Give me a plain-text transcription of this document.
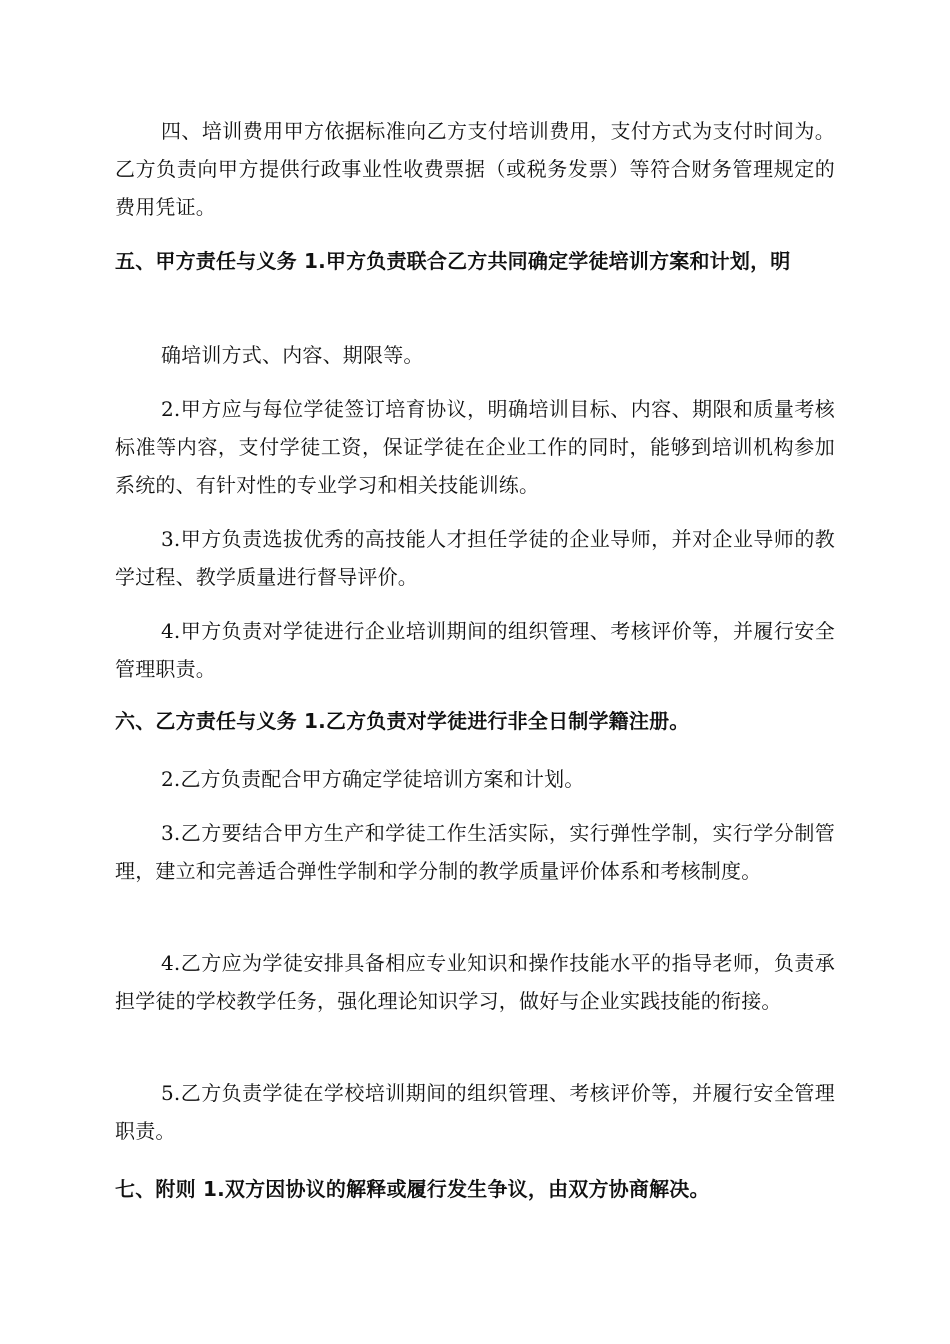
四、培训费用甲方依据标准向乙方支付培训费用，支付方式为支付时间为。乙方负责向甲方提供行政事业性收费票据（或税务发票）等符合财务管理规定的费用凭证。

五、甲方责任与义务 1.甲方负责联合乙方共同确定学徒培训方案和计划，明

确培训方式、内容、期限等。

2.甲方应与每位学徒签订培育协议，明确培训目标、内容、期限和质量考核标准等内容，支付学徒工资，保证学徒在企业工作的同时，能够到培训机构参加系统的、有针对性的专业学习和相关技能训练。

3.甲方负责选拔优秀的高技能人才担任学徒的企业导师，并对企业导师的教学过程、教学质量进行督导评价。

4.甲方负责对学徒进行企业培训期间的组织管理、考核评价等，并履行安全管理职责。

六、乙方责任与义务 1.乙方负责对学徒进行非全日制学籍注册。

2.乙方负责配合甲方确定学徒培训方案和计划。

3.乙方要结合甲方生产和学徒工作生活实际，实行弹性学制，实行学分制管理，建立和完善适合弹性学制和学分制的教学质量评价体系和考核制度。

4.乙方应为学徒安排具备相应专业知识和操作技能水平的指导老师，负责承担学徒的学校教学任务，强化理论知识学习，做好与企业实践技能的衔接。

5.乙方负责学徒在学校培训期间的组织管理、考核评价等，并履行安全管理职责。

七、附则 1.双方因协议的解释或履行发生争议，由双方协商解决。
